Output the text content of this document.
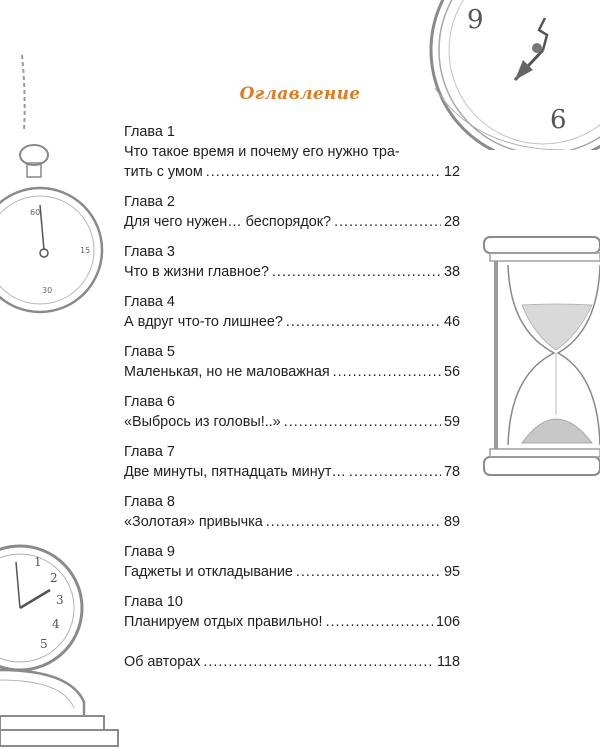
9
6
60
15
30
1
2
3
4
5
Оглавление
Глава 1
Что такое время и почему его нужно тра-
тить с умом .....	12
Глава 2
Для чего нужен… беспорядок? .....	28
Глава 3
Что в жизни главное? .....	38
Глава 4
А вдруг что-то лишнее? .....	46
Глава 5
Маленькая, но не маловажная .....	56
Глава 6
«Выбрось из головы!..» .....	59
Глава 7
Две минуты, пятнадцать минут… .....	78
Глава 8
«Золотая» привычка .....	89
Глава 9
Гаджеты и откладывание .....	95
Глава 10
Планируем отдых правильно! .....	106
Об авторах .....	118
